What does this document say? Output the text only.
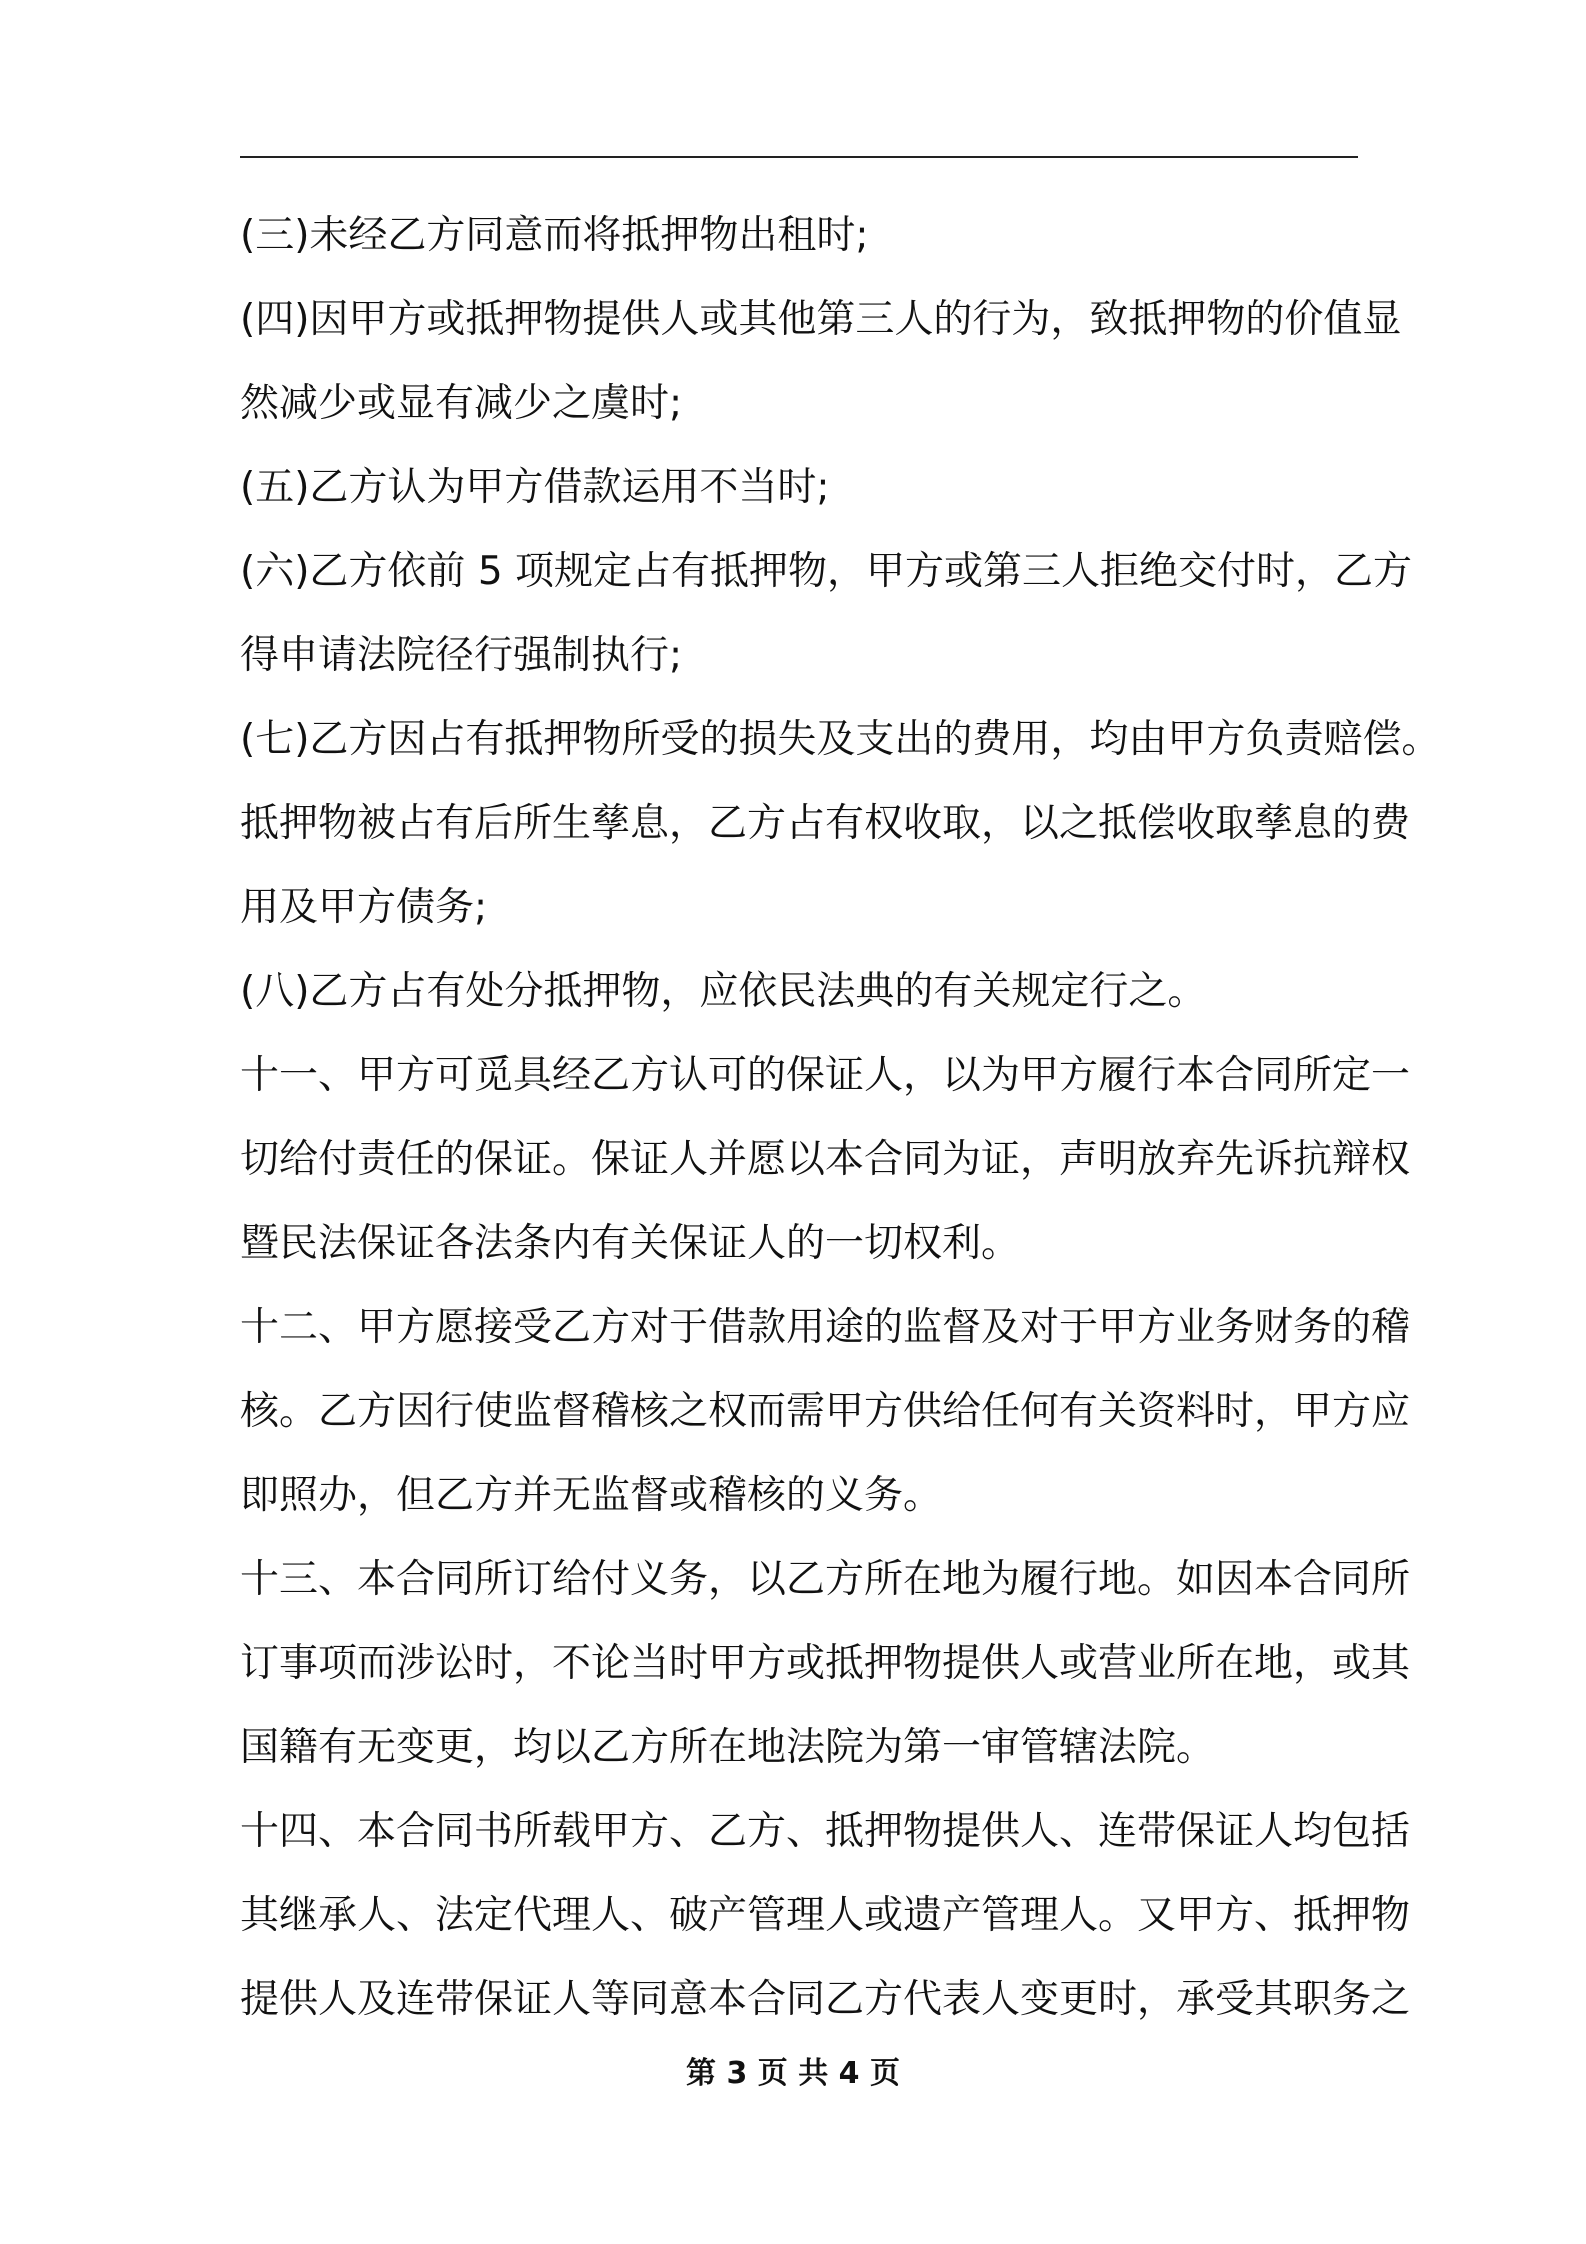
(三)未经乙方同意而将抵押物出租时;
(四)因甲方或抵押物提供人或其他第三人的行为，致抵押物的价值显
然减少或显有减少之虞时;
(五)乙方认为甲方借款运用不当时;
(六)乙方依前 5 项规定占有抵押物，甲方或第三人拒绝交付时，乙方
得申请法院径行强制执行;
(七)乙方因占有抵押物所受的损失及支出的费用，均由甲方负责赔偿。
抵押物被占有后所生孳息，乙方占有权收取，以之抵偿收取孳息的费
用及甲方债务;
(八)乙方占有处分抵押物，应依民法典的有关规定行之。
十一、甲方可觅具经乙方认可的保证人，以为甲方履行本合同所定一
切给付责任的保证。保证人并愿以本合同为证，声明放弃先诉抗辩权
暨民法保证各法条内有关保证人的一切权利。
十二、甲方愿接受乙方对于借款用途的监督及对于甲方业务财务的稽
核。乙方因行使监督稽核之权而需甲方供给任何有关资料时，甲方应
即照办，但乙方并无监督或稽核的义务。
十三、本合同所订给付义务，以乙方所在地为履行地。如因本合同所
订事项而涉讼时，不论当时甲方或抵押物提供人或营业所在地，或其
国籍有无变更，均以乙方所在地法院为第一审管辖法院。
十四、本合同书所载甲方、乙方、抵押物提供人、连带保证人均包括
其继承人、法定代理人、破产管理人或遗产管理人。又甲方、抵押物
提供人及连带保证人等同意本合同乙方代表人变更时，承受其职务之
第 3 页 共 4 页
